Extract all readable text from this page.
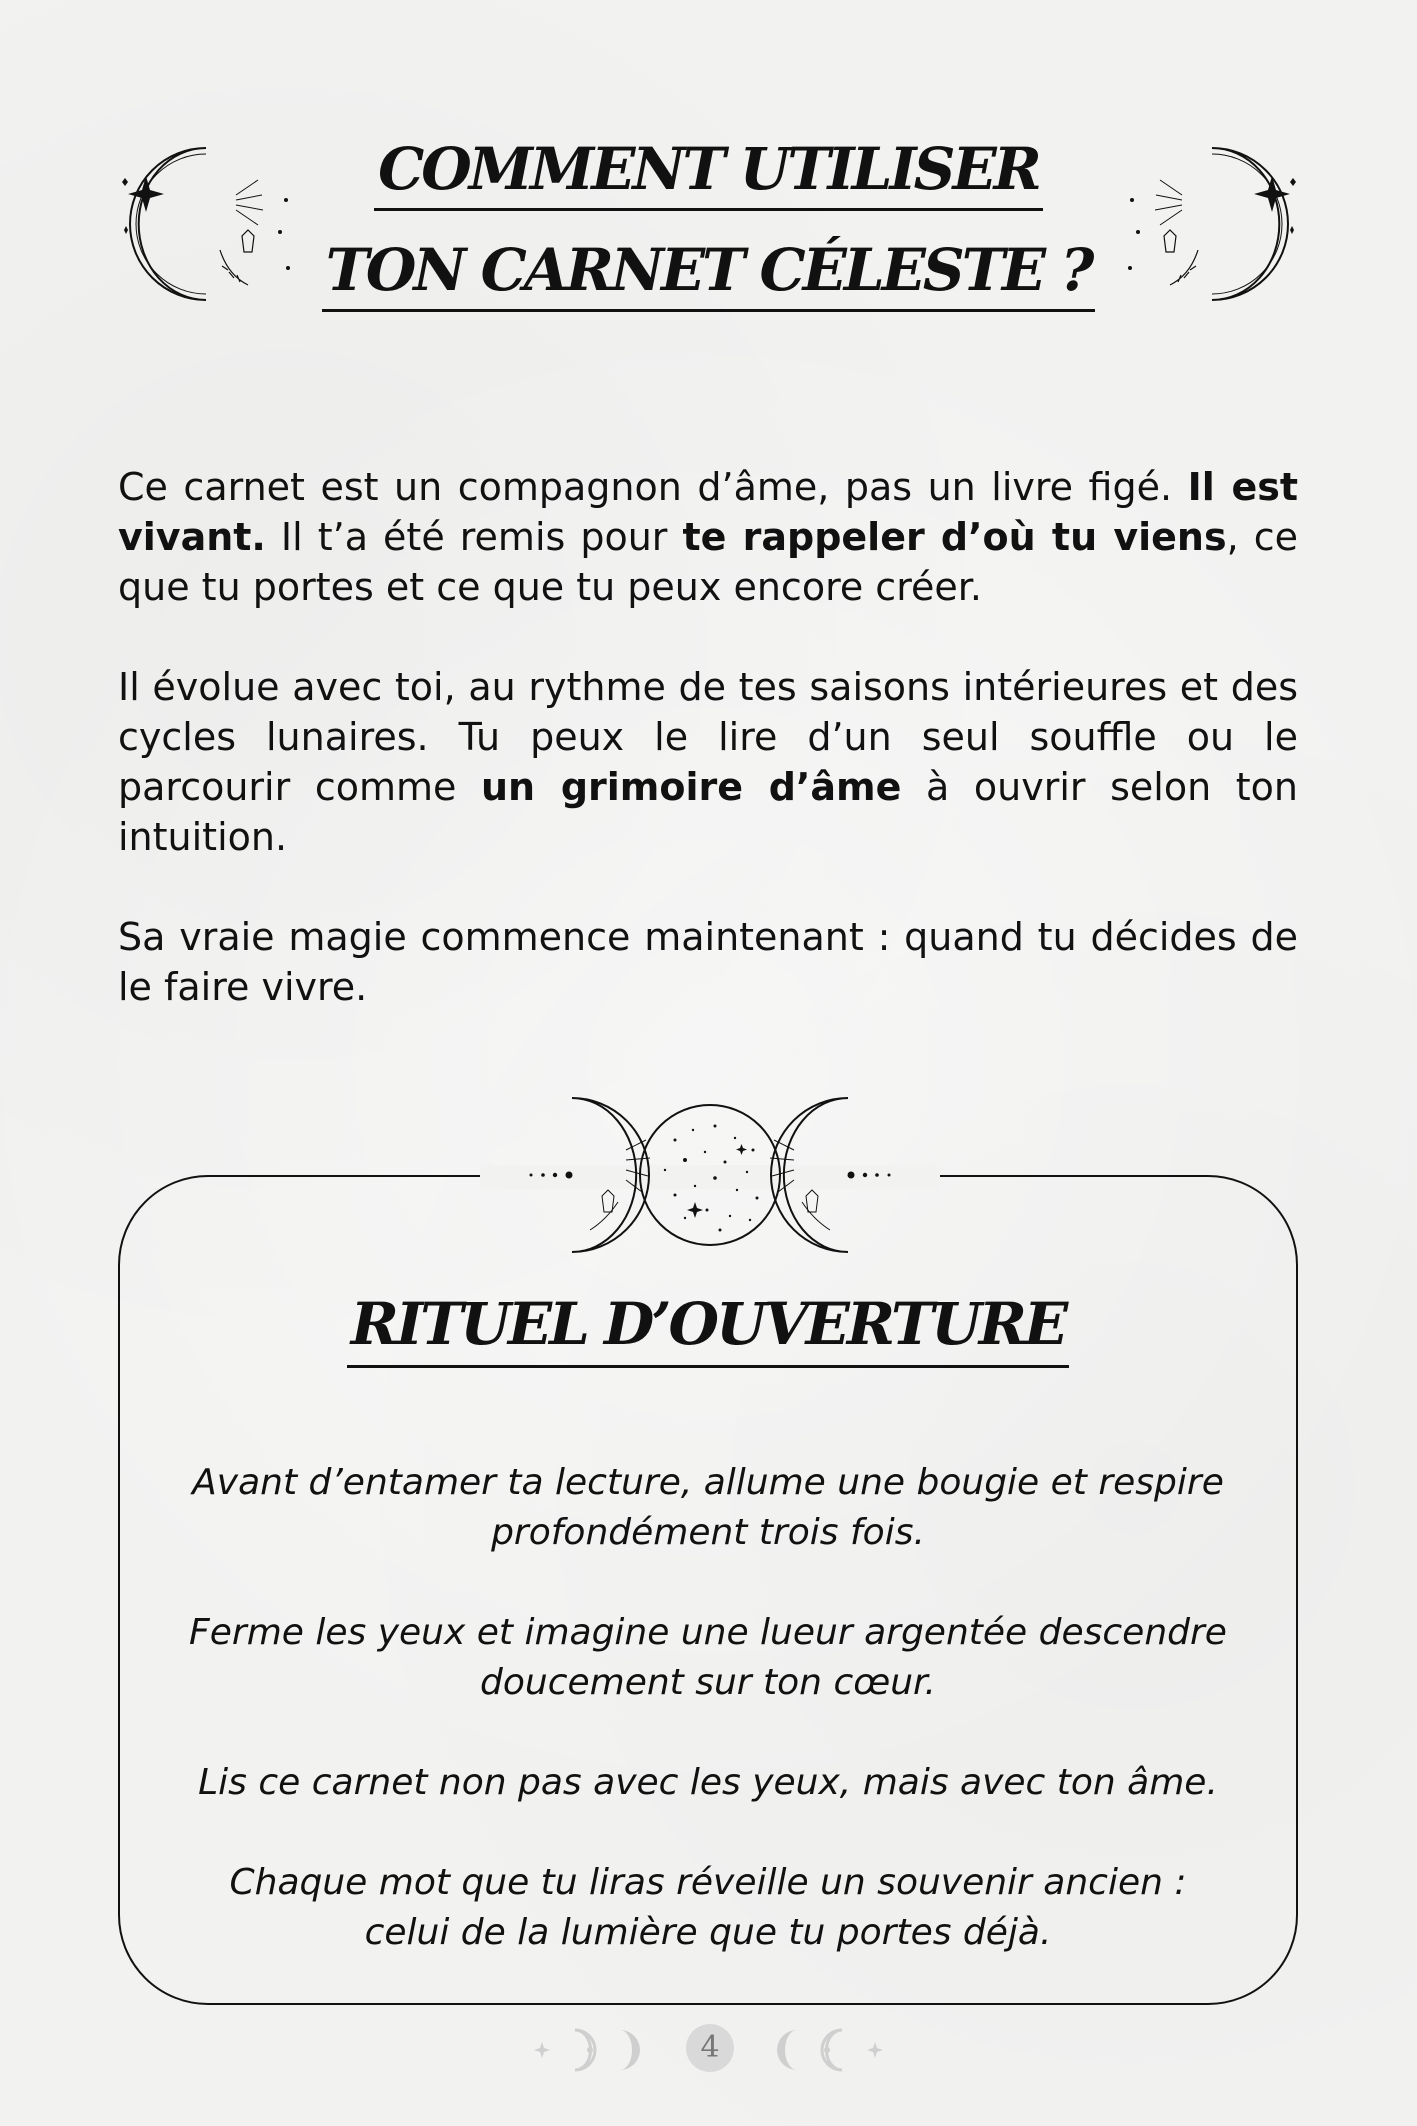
COMMENT UTILISER
TON CARNET CÉLESTE ?

Ce carnet est un compagnon d’âme, pas un livre figé. Il est vivant. Il t’a été remis pour te rappeler d’où tu viens, ce que tu portes et ce que tu peux encore créer.

Il évolue avec toi, au rythme de tes saisons intérieures et des cycles lunaires. Tu peux le lire d’un seul souffle ou le parcourir comme un grimoire d’âme à ouvrir selon ton intuition.

Sa vraie magie commence maintenant : quand tu décides de le faire vivre.

RITUEL D’OUVERTURE

Avant d’entamer ta lecture, allume une bougie et respire profondément trois fois.

Ferme les yeux et imagine une lueur argentée descendre doucement sur ton cœur.

Lis ce carnet non pas avec les yeux, mais avec ton âme.

Chaque mot que tu liras réveille un souvenir ancien :
celui de la lumière que tu portes déjà.

4
